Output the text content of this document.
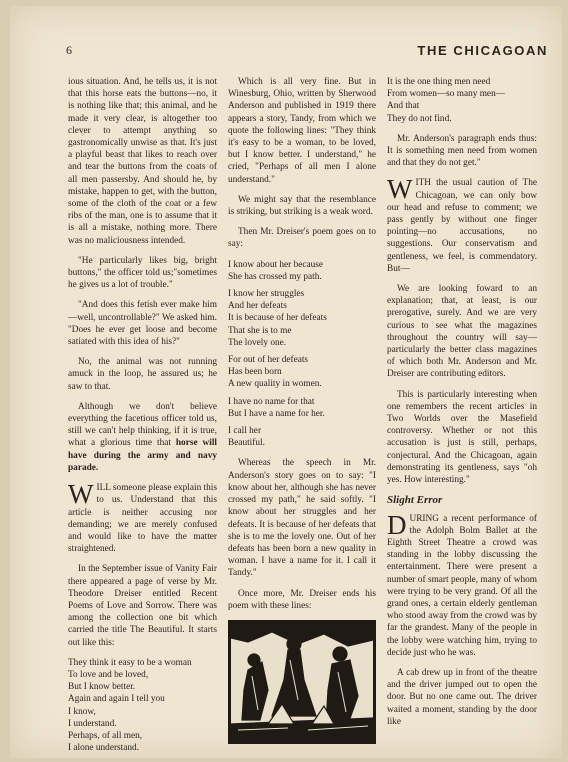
6	THE CHICAGOAN

ious situation. And, he tells us, it is not that this horse eats the buttons—no, it is nothing like that; this animal, and he made it very clear, is altogether too clever to attempt anything so gastronomically unwise as that. It's just a playful beast that likes to reach over and tear the buttons from the coats of all men passersby. And should he, by mistake, happen to get, with the button, some of the cloth of the coat or a few ribs of the man, one is to assume that it is all a mistake, nothing more. There was no maliciousness intended.

"He particularly likes big, bright buttons," the officer told us;"sometimes he gives us a lot of trouble."

"And does this fetish ever make him—well, uncontrollable?" We asked him. "Does he ever get loose and become satiated with this idea of his?"

No, the animal was not running amuck in the loop, he assured us; he saw to that.

Although we don't believe everything the facetious officer told us, still we can't help thinking, if it is true, what a glorious time that horse will have during the army and navy parade.

WILL someone please explain this to us. Understand that this article is neither accusing nor demanding; we are merely confused and would like to have the matter straightened.

In the September issue of Vanity Fair there appeared a page of verse by Mr. Theodore Dreiser entitled Recent Poems of Love and Sorrow. There was among the collection one bit which carried the title The Beautiful. It starts out like this:

They think it easy to be a woman
To love and be loved,
But I know better.
Again and again I tell you
I know,
I understand.
Perhaps, of all men,
I alone understand.

Which is all very fine. But in Winesburg, Ohio, written by Sherwood Anderson and published in 1919 there appears a story, Tandy, from which we quote the following lines: "They think it's easy to be a woman, to be loved, but I know better. I understand," he cried, "Perhaps of all men I alone understand."

We might say that the resemblance is striking, but striking is a weak word.

Then Mr. Dreiser's poem goes on to say:

I know about her because
She has crossed my path.
I know her struggles
And her defeats
It is because of her defeats
That she is to me
The lovely one.
For out of her defeats
Has been born
A new quality in women.
I have no name for that
But I have a name for her.
I call her
Beautiful.

Whereas the speech in Mr. Anderson's story goes on to say: "I know about her, although she has never crossed my path," he said softly. "I know about her struggles and her defeats. It is because of her defeats that she is to me the lovely one. Out of her defeats has been born a new quality in woman. I have a name for it. I call it Tandy."

Once more, Mr. Dreiser ends his poem with these lines:

It is the one thing men need
From women—so many men—
And that
They do not find.

Mr. Anderson's paragraph ends thus: It is something men need from women and that they do not get."

WITH the usual caution of The Chicagoan, we can only bow our head and refuse to comment; we pass gently by without one finger pointing—no accusations, no suggestions. Our conservatism and gentleness, we feel, is commendatory. But—

We are looking foward to an explanation; that, at least, is our prerogative, surely. And we are very curious to see what the magazines throughout the country will say—particularly the better class magazines of which both Mr. Anderson and Mr. Dreiser are contributing editors.

This is particularly interesting when one remembers the recent articles in Two Worlds over the Masefield controversy. Whether or not this accusation is just is still, perhaps, conjectural. And the Chicagoan, again demonstrating its gentleness, says "oh yes. How interesting."

Slight Error

DURING a recent performance of the Adolph Bolm Ballet at the Eighth Street Theatre a crowd was standing in the lobby discussing the entertainment. There were present a number of smart people, many of whom were trying to be very grand. Of all the grand ones, a certain elderly gentleman who stood away from the crowd was by far the grandest. Many of the people in the lobby were watching him, trying to decide just who he was.

A cab drew up in front of the theatre and the driver jumped out to open the door. But no one came out. The driver waited a moment, standing by the door like
